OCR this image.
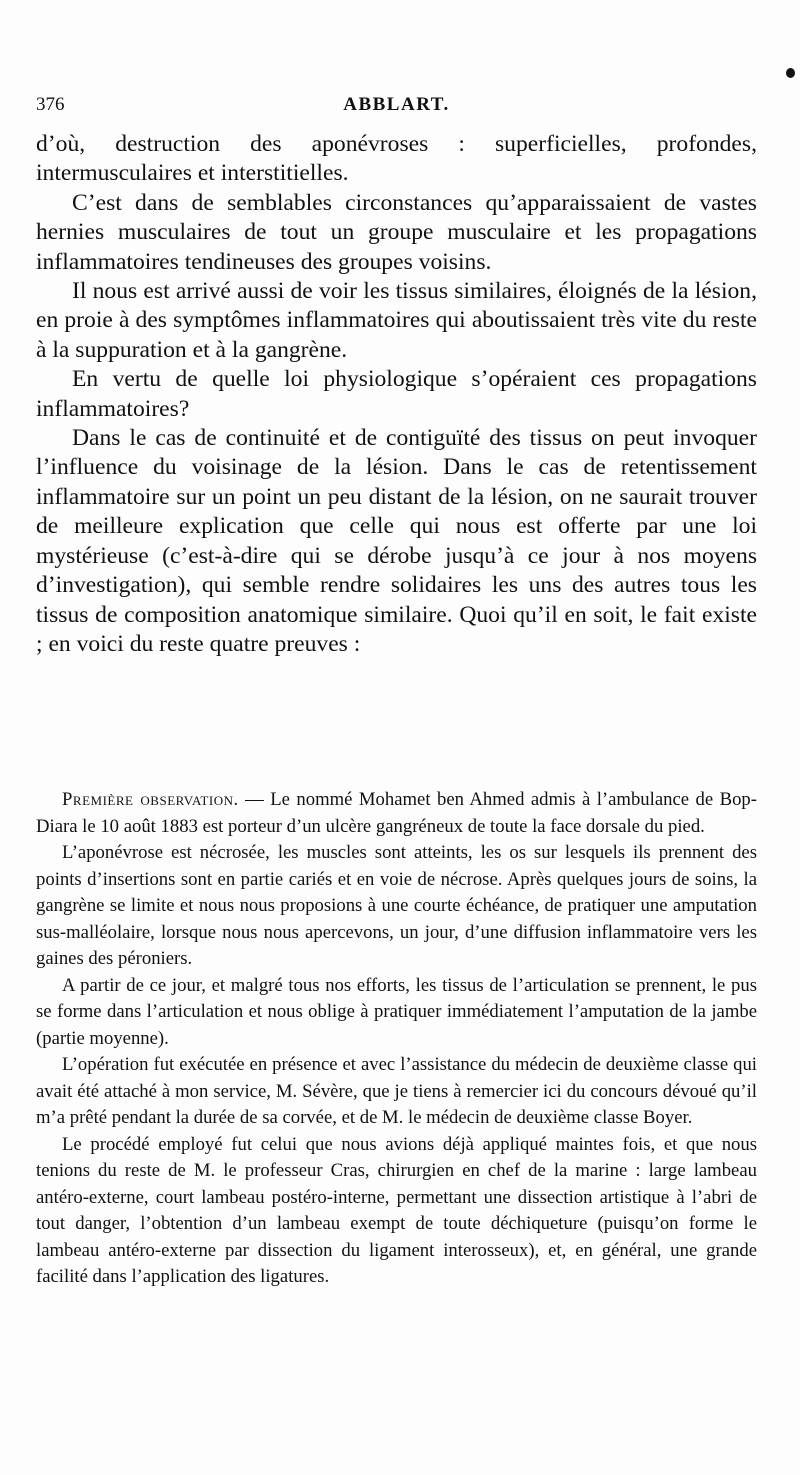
376	ABBLART.

d’où, destruction des aponévroses : superficielles, profondes, intermusculaires et interstitielles.

C’est dans de semblables circonstances qu’apparaissaient de vastes hernies musculaires de tout un groupe musculaire et les propagations inflammatoires tendineuses des groupes voisins.

Il nous est arrivé aussi de voir les tissus similaires, éloignés de la lésion, en proie à des symptômes inflammatoires qui aboutissaient très vite du reste à la suppuration et à la gangrène.

En vertu de quelle loi physiologique s’opéraient ces propagations inflammatoires?

Dans le cas de continuité et de contiguïté des tissus on peut invoquer l’influence du voisinage de la lésion. Dans le cas de retentissement inflammatoire sur un point un peu distant de la lésion, on ne saurait trouver de meilleure explication que celle qui nous est offerte par une loi mystérieuse (c’est-à-dire qui se dérobe jusqu’à ce jour à nos moyens d’investigation), qui semble rendre solidaires les uns des autres tous les tissus de composition anatomique similaire. Quoi qu’il en soit, le fait existe ; en voici du reste quatre preuves :

Première observation. — Le nommé Mohamet ben Ahmed admis à l’ambulance de Bop-Diara le 10 août 1883 est porteur d’un ulcère gangréneux de toute la face dorsale du pied.

L’aponévrose est nécrosée, les muscles sont atteints, les os sur lesquels ils prennent des points d’insertions sont en partie cariés et en voie de nécrose. Après quelques jours de soins, la gangrène se limite et nous nous proposions à une courte échéance, de pratiquer une amputation sus-malléolaire, lorsque nous nous apercevons, un jour, d’une diffusion inflammatoire vers les gaines des péroniers.

A partir de ce jour, et malgré tous nos efforts, les tissus de l’articulation se prennent, le pus se forme dans l’articulation et nous oblige à pratiquer immédiatement l’amputation de la jambe (partie moyenne).

L’opération fut exécutée en présence et avec l’assistance du médecin de deuxième classe qui avait été attaché à mon service, M. Sévère, que je tiens à remercier ici du concours dévoué qu’il m’a prêté pendant la durée de sa corvée, et de M. le médecin de deuxième classe Boyer.

Le procédé employé fut celui que nous avions déjà appliqué maintes fois, et que nous tenions du reste de M. le professeur Cras, chirurgien en chef de la marine : large lambeau antéro-externe, court lambeau postéro-interne, permettant une dissection artistique à l’abri de tout danger, l’obtention d’un lambeau exempt de toute déchiqueture (puisqu’on forme le lambeau antéro-externe par dissection du ligament interosseux), et, en général, une grande facilité dans l’application des ligatures.
